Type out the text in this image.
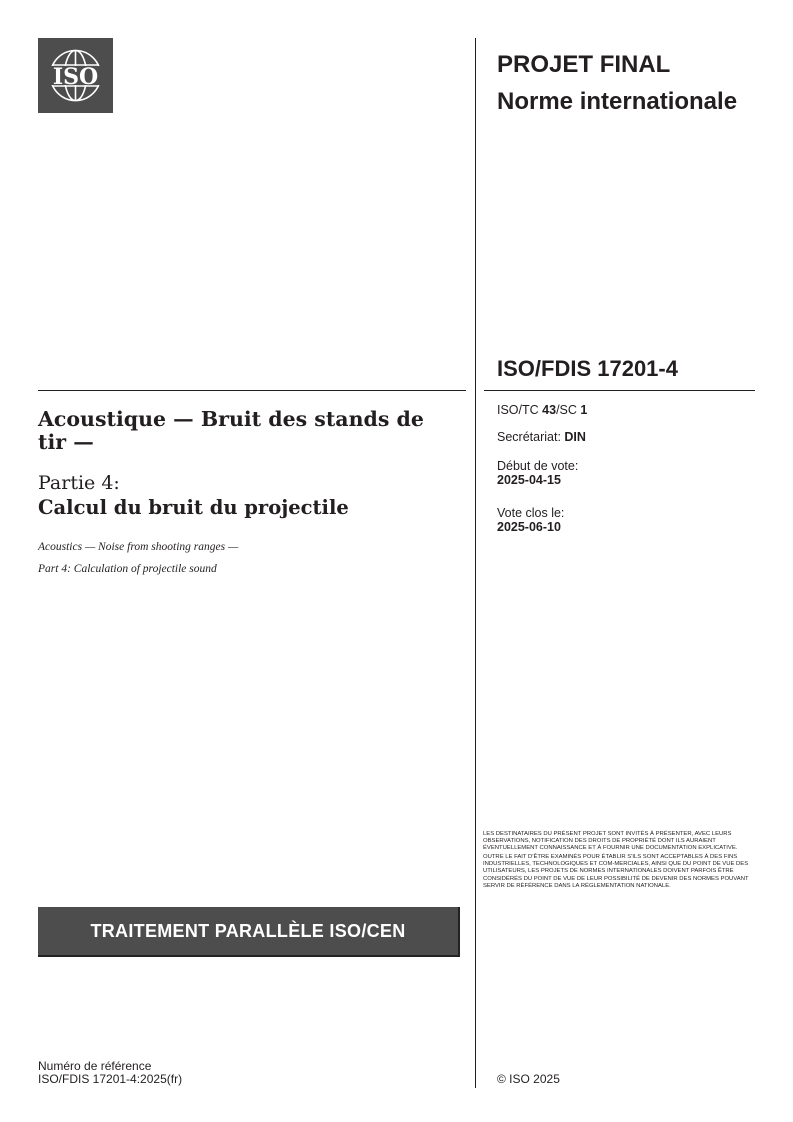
ISO	PROJET FINAL
Norme internationale
ISO/FDIS 17201-4
ISO/TC 43/SC 1
Secrétariat: DIN
Début de vote:
2025-04-15
Vote clos le:
2025-06-10
Acoustique — Bruit des stands de tir —
Partie 4:
Calcul du bruit du projectile
Acoustics — Noise from shooting ranges —
Part 4: Calculation of projectile sound
TRAITEMENT PARALLÈLE ISO/CEN

LES DESTINATAIRES DU PRÉSENT PROJET SONT INVITÉS À PRÉSENTER, AVEC LEURS OBSERVATIONS, NOTIFICATION DES DROITS DE PROPRIÉTÉ DONT ILS AURAIENT ÉVENTUELLEMENT CONNAISSANCE ET À FOURNIR UNE DOCUMENTATION EXPLICATIVE.

OUTRE LE FAIT D'ÊTRE EXAMINÉS POUR ÉTABLIR S'ILS SONT ACCEPTABLES À DES FINS INDUSTRIELLES, TECHNOLOGIQUES ET COM-MERCIALES, AINSI QUE DU POINT DE VUE DES UTILISATEURS, LES PROJETS DE NORMES INTERNATIONALES DOIVENT PARFOIS ÊTRE CONSIDÉRÉS DU POINT DE VUE DE LEUR POSSIBILITÉ DE DEVENIR DES NORMES POUVANT SERVIR DE RÉFÉRENCE DANS LA RÉGLEMENTATION NATIONALE.

Numéro de référence
ISO/FDIS 17201-4:2025(fr)	© ISO 2025
